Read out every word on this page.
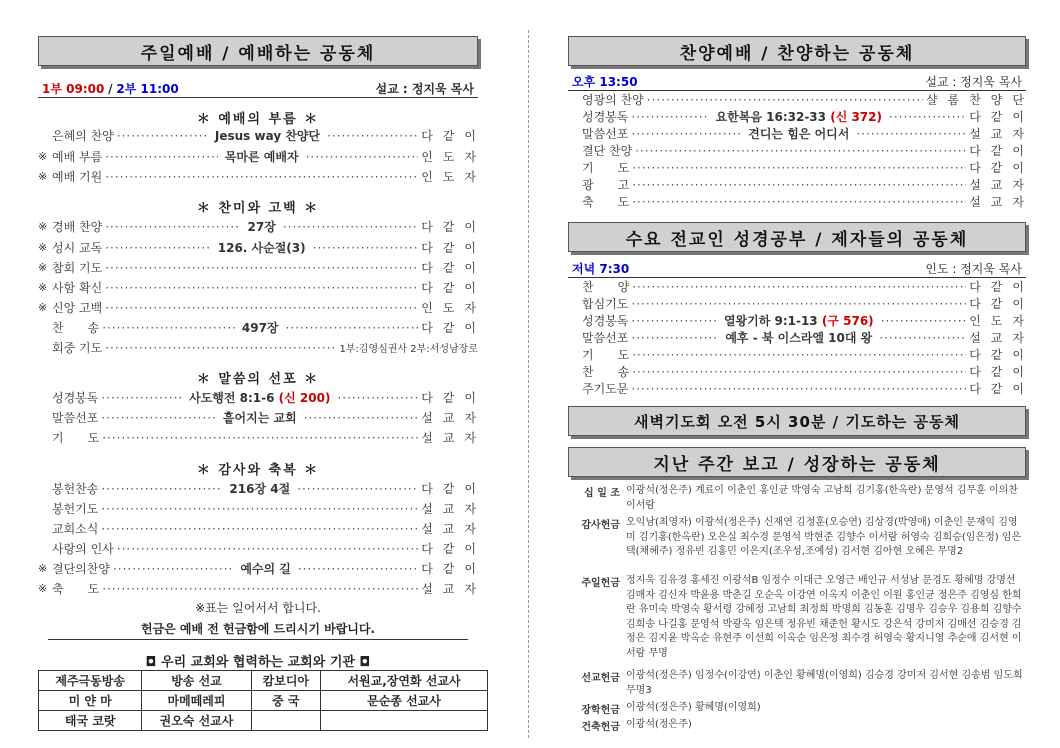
주일예배 / 예배하는 공동체
1부 09:00 / 2부 11:00	설교 : 정지욱 목사
＊ 예배의 부름 ＊
＊ 찬미와 고백 ＊
＊ 말씀의 선포 ＊
＊ 감사와 축복 ＊
※표는 일어서서 합니다.
헌금은 예배 전 헌금함에 드리시기 바랍니다.
◘ 우리 교회와 협력하는 교회와 기관 ◘
제주극동방송	방송 선교	캄보디아	서원교,장연화 선교사
미 얀 마	마메떼레피	중 국	문순종 선교사
태국 코랏	권오숙 선교사		
은혜의 찬양 ·····	Jesus way 찬양단 ·····	다같이
※ 예배 부름 ·····	목마른 예배자 ·····	인도자
※ 예배 기원 ·····	인도자
※ 경배 찬양 ·····	27장 ·····	다같이
※ 성시 교독 ·····	126. 사순절(3) ·····	다같이
※ 참회 기도 ·····	다같이
※ 사함 확신 ·····	다같이
※ 신앙 고백 ·····	인도자
찬　　송 ·····	497장 ·····	다같이
회중 기도 ·····	1부:김영심권사 2부:서성남장로
성경봉독 ·····	사도행전 8:1-6 (신 200) ·····	다같이
말씀선포 ·····	흩어지는 교회 ·····	설교자
기　　도 ·····	설교자
봉헌찬송 ·····	216장 4절 ·····	다같이
봉헌기도 ·····	설교자
교회소식 ·····	설교자
사랑의 인사 ·····	다같이
※ 결단의찬양 ·····	예수의 길 ·····	다같이
※ 축　　도 ·····	설교자
찬양예배 / 찬양하는 공동체
오후 13:50	설교 : 정지욱 목사
수요 전교인 성경공부 / 제자들의 공동체
저녁 7:30	인도 : 정지욱 목사
새벽기도회 오전 5시 30분 / 기도하는 공동체
지난 주간 보고 / 성장하는 공동체
영광의 찬양 ·····	샬롬찬양단
성경봉독 ·····	요한복음 16:32-33 (신 372) ·····	다같이
말씀선포 ·····	견디는 힘은 어디서 ·····	설교자
결단 찬양 ·····	다같이
기　　도 ·····	다같이
광　　고 ·····	설교자
축　　도 ·····	설교자
찬　　양 ·····	다같이
합심기도 ·····	다같이
성경봉독 ·····	열왕기하 9:1-13 (구 576) ·····	인도자
말씀선포 ·····	예후 - 북 이스라엘 10대 왕 ·····	설교자
기　　도 ·····	다같이
찬　　송 ·····	다같이
주기도문 ·····	다같이
십 일 조 이광석(정은주) 계료이 이춘인 홍인균 박영숙 고남희 김기홍(한옥란) 문영석 김무훈 이의찬 이서람
감사헌금 오익남(최영자) 이광석(정은주) 신재연 김정훈(오승연) 김상경(박영애) 이춘인 문재익 김영미 김기홍(한옥란) 오은실 최수경 문영석 박현준 김향수 이서람 허영숙 김희승(임은정) 임은택(채혜주) 정유빈 김홍민 이은지(조우성,조예성) 김서현 김아현 오혜은 무명2
주일헌금 정지욱 김유경 홍세진 이광석B 임정수 이대근 오영근 배인규 서성남 문경도 황혜명 강명선 김매자 김신자 박윤용 박춘길 오순옥 이강연 이옥지 이춘인 이원 홍인균 정은주 김영심 한희란 유미숙 박영숙 황서령 강혜정 고남희 최정희 박명희 김동훈 김명우 김승우 김용희 김향수 김희송 나길홍 문영석 박광옥 임은택 정유빈 채준헌 황시도 강은석 강미저 김매선 김승경 김정은 김지윤 박옥순 유현주 이선희 이옥순 임은정 최수경 허영숙 황지니영 추순애 김서현 이서람 무명
선교헌금 이광석(정은주) 임정수(이강연) 이춘인 황혜명(이영희) 김승경 강미저 김서현 김송범 임도희 무명3
장학헌금 이광석(정은주) 황혜명(이영희)
건축헌금 이광석(정은주)
